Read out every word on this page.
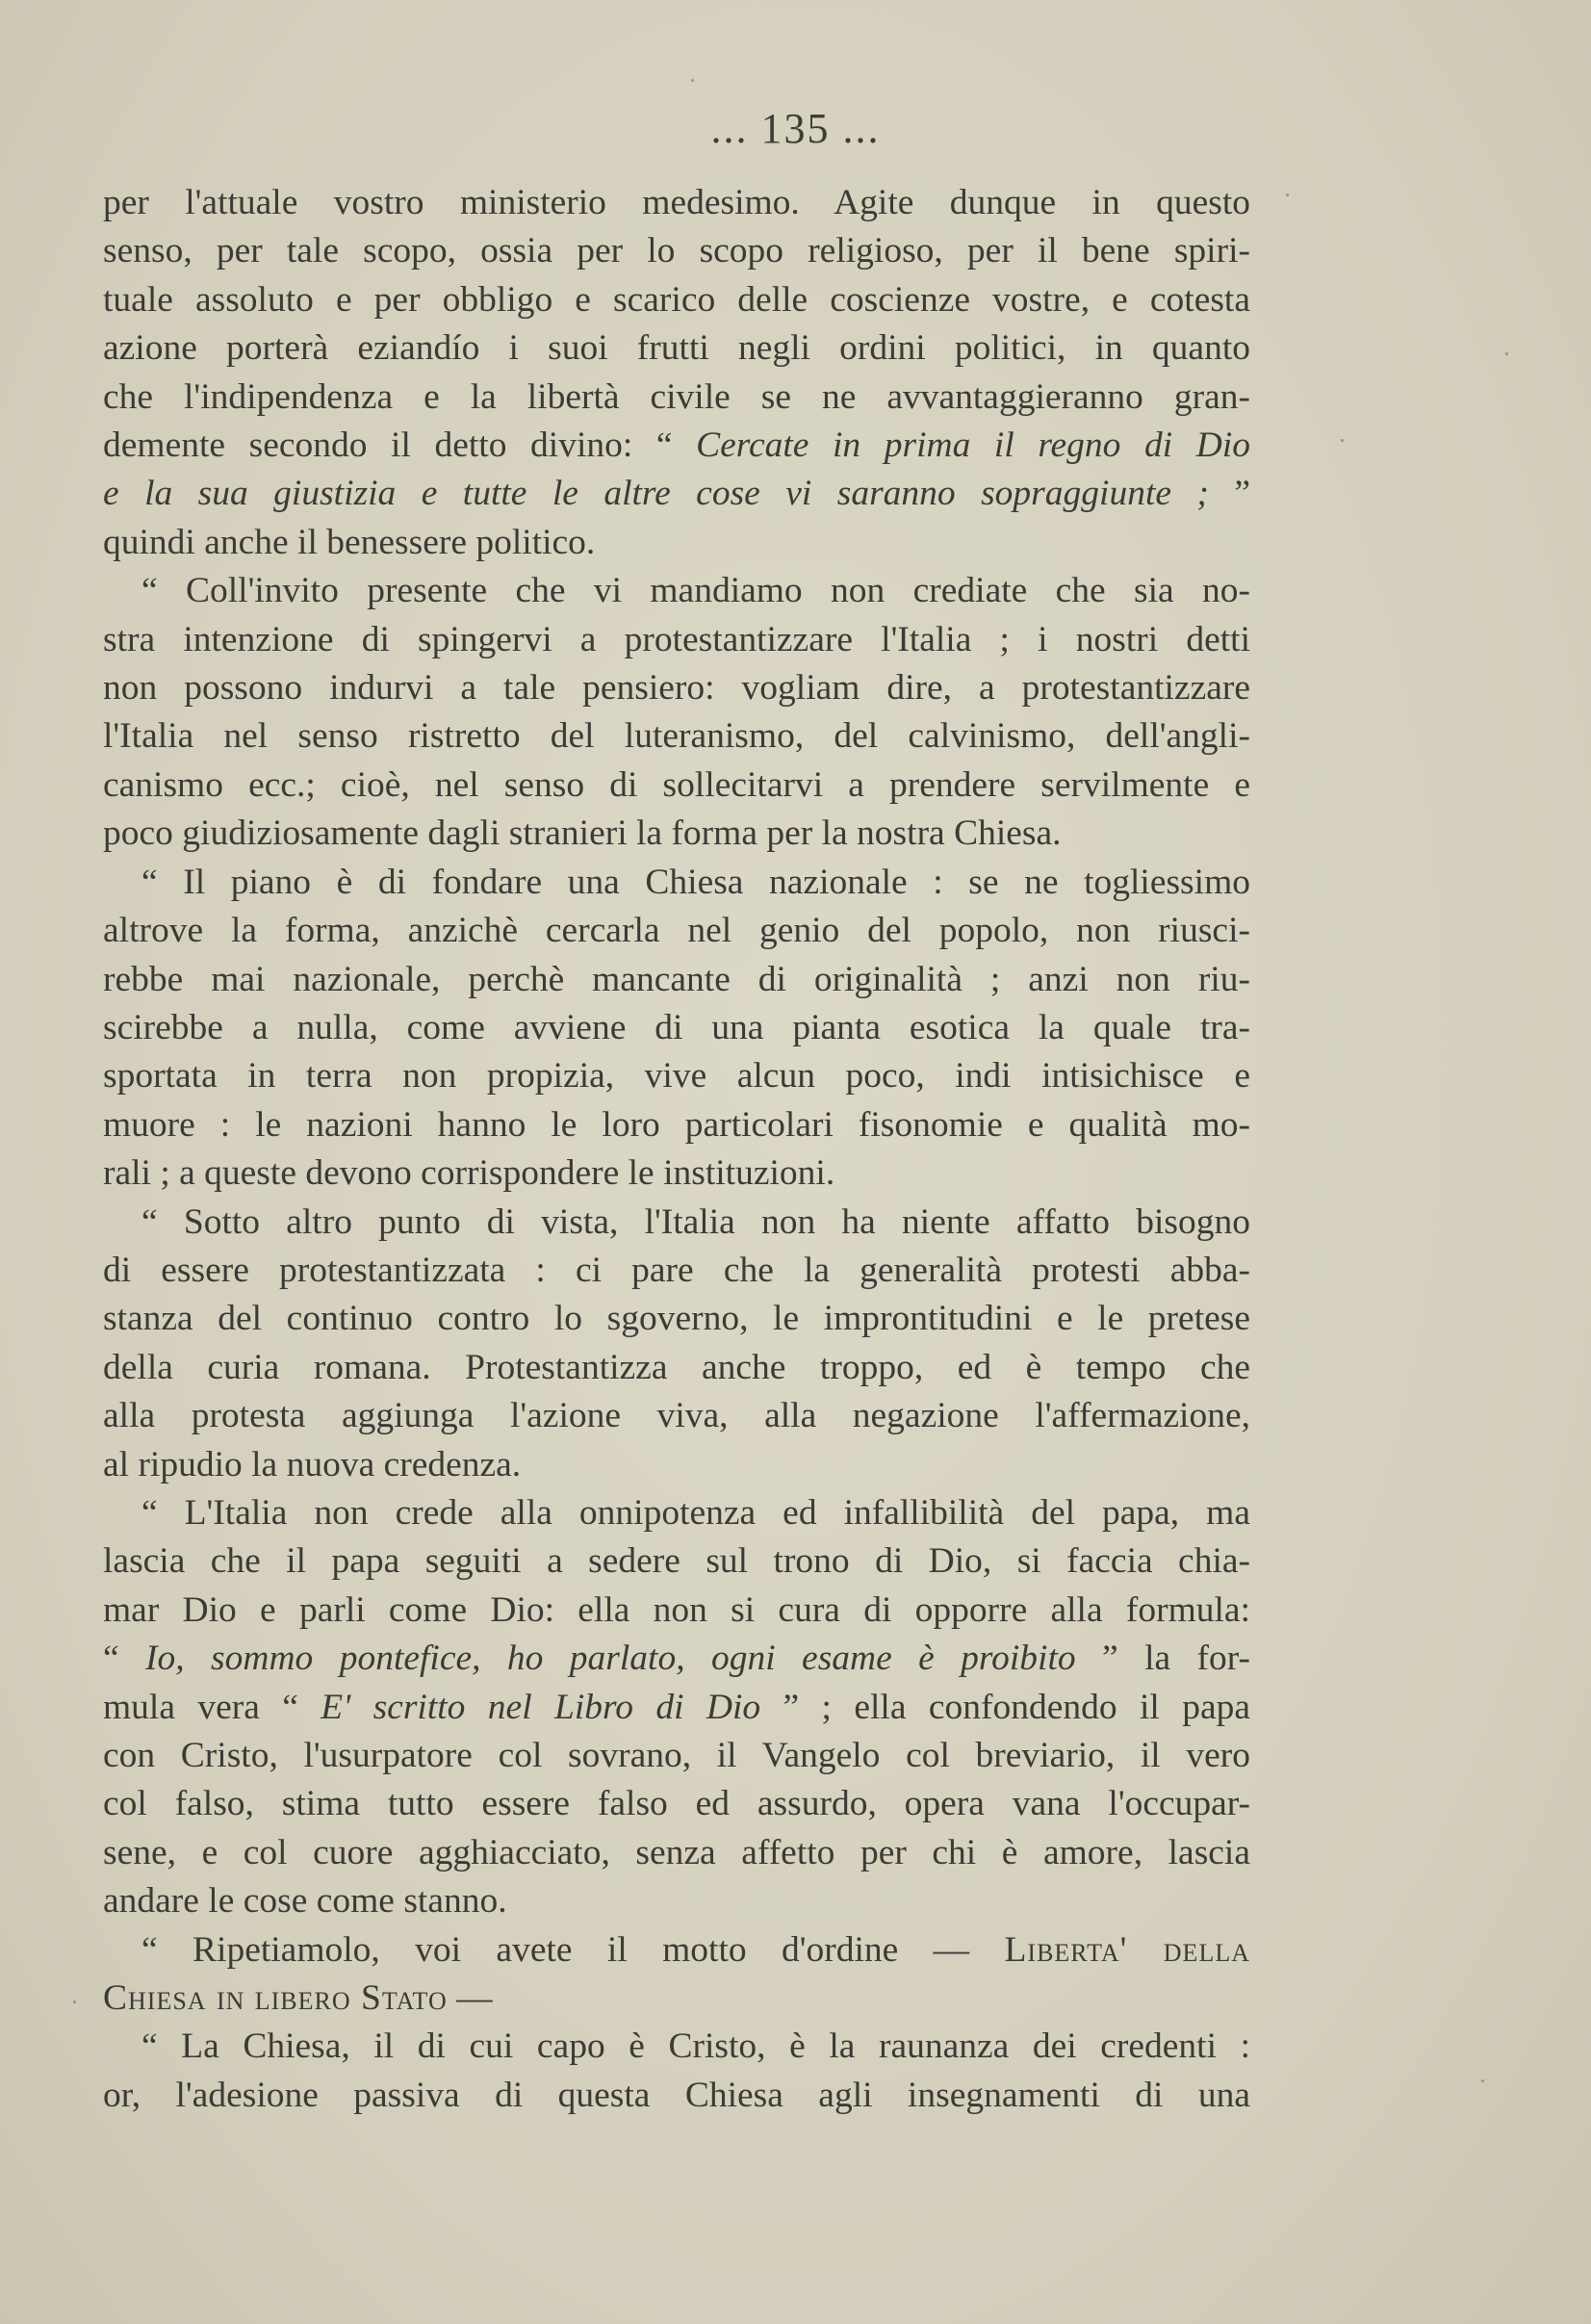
... 135 ...
per l'attuale vostro ministerio medesimo. Agite dunque in questo
senso, per tale scopo, ossia per lo scopo religioso, per il bene spiri-
tuale assoluto e per obbligo e scarico delle coscienze vostre, e cotesta
azione porterà eziandío i suoi frutti negli ordini politici, in quanto
che l'indipendenza e la libertà civile se ne avvantaggieranno gran-
demente secondo il detto divino: “ Cercate in prima il regno di Dio
e la sua giustizia e tutte le altre cose vi saranno sopraggiunte ; ”
quindi anche il benessere politico.
“ Coll'invito presente che vi mandiamo non crediate che sia no-
stra intenzione di spingervi a protestantizzare l'Italia ; i nostri detti
non possono indurvi a tale pensiero: vogliam dire, a protestantizzare
l'Italia nel senso ristretto del luteranismo, del calvinismo, dell'angli-
canismo ecc.; cioè, nel senso di sollecitarvi a prendere servilmente e
poco giudiziosamente dagli stranieri la forma per la nostra Chiesa.
“ Il piano è di fondare una Chiesa nazionale : se ne togliessimo
altrove la forma, anzichè cercarla nel genio del popolo, non riusci-
rebbe mai nazionale, perchè mancante di originalità ; anzi non riu-
scirebbe a nulla, come avviene di una pianta esotica la quale tra-
sportata in terra non propizia, vive alcun poco, indi intisichisce e
muore : le nazioni hanno le loro particolari fisonomie e qualità mo-
rali ; a queste devono corrispondere le instituzioni.
“ Sotto altro punto di vista, l'Italia non ha niente affatto bisogno
di essere protestantizzata : ci pare che la generalità protesti abba-
stanza del continuo contro lo sgoverno, le improntitudini e le pretese
della curia romana. Protestantizza anche troppo, ed è tempo che
alla protesta aggiunga l'azione viva, alla negazione l'affermazione,
al ripudio la nuova credenza.
“ L'Italia non crede alla onnipotenza ed infallibilità del papa, ma
lascia che il papa seguiti a sedere sul trono di Dio, si faccia chia-
mar Dio e parli come Dio: ella non si cura di opporre alla formula:
“ Io, sommo pontefice, ho parlato, ogni esame è proibito ” la for-
mula vera “ E' scritto nel Libro di Dio ” ; ella confondendo il papa
con Cristo, l'usurpatore col sovrano, il Vangelo col breviario, il vero
col falso, stima tutto essere falso ed assurdo, opera vana l'occupar-
sene, e col cuore agghiacciato, senza affetto per chi è amore, lascia
andare le cose come stanno.
“ Ripetiamolo, voi avete il motto d'ordine — Liberta' della
Chiesa in libero Stato —
“ La Chiesa, il di cui capo è Cristo, è la raunanza dei credenti :
or, l'adesione passiva di questa Chiesa agli insegnamenti di una
